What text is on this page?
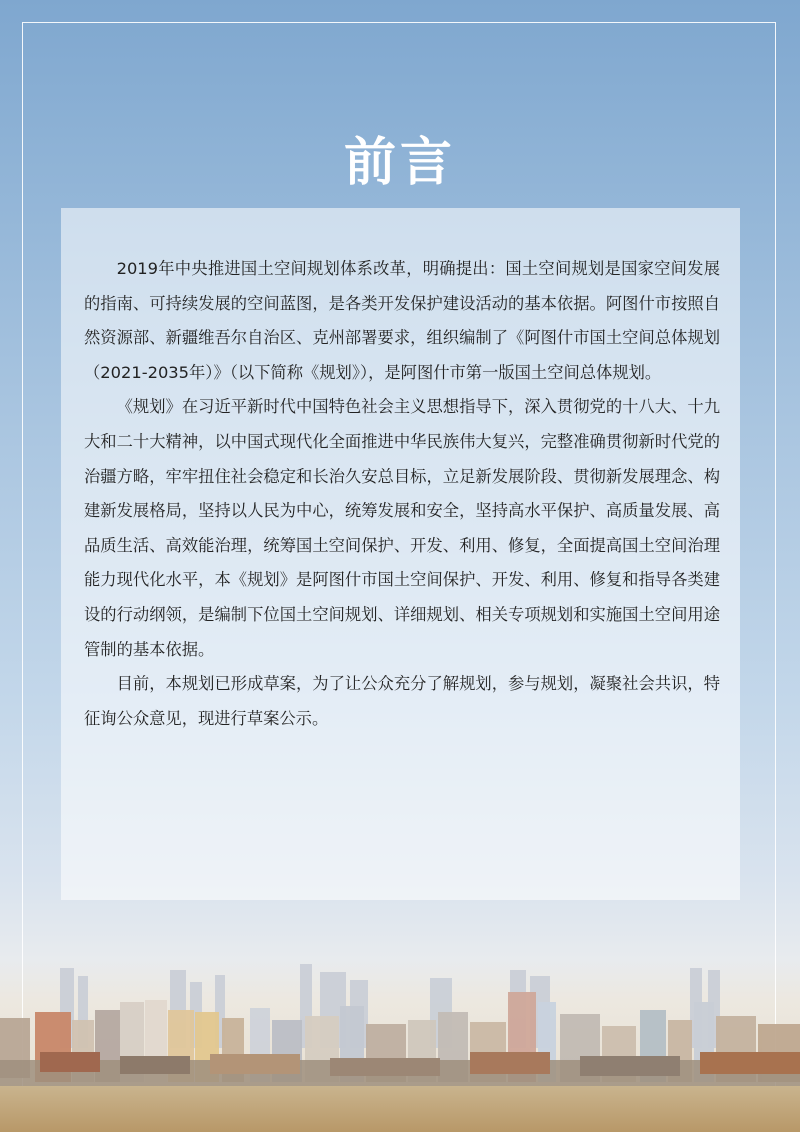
前言

2019年中央推进国土空间规划体系改革，明确提出：国土空间规划是国家空间发展的指南、可持续发展的空间蓝图，是各类开发保护建设活动的基本依据。阿图什市按照自然资源部、新疆维吾尔自治区、克州部署要求，组织编制了《阿图什市国土空间总体规划（2021-2035年）》（以下简称《规划》），是阿图什市第一版国土空间总体规划。

《规划》在习近平新时代中国特色社会主义思想指导下，深入贯彻党的十八大、十九大和二十大精神，以中国式现代化全面推进中华民族伟大复兴，完整准确贯彻新时代党的治疆方略，牢牢扭住社会稳定和长治久安总目标，立足新发展阶段、贯彻新发展理念、构建新发展格局，坚持以人民为中心，统筹发展和安全，坚持高水平保护、高质量发展、高品质生活、高效能治理，统筹国土空间保护、开发、利用、修复，全面提高国土空间治理能力现代化水平，本《规划》是阿图什市国土空间保护、开发、利用、修复和指导各类建设的行动纲领，是编制下位国土空间规划、详细规划、相关专项规划和实施国土空间用途管制的基本依据。

目前，本规划已形成草案，为了让公众充分了解规划，参与规划，凝聚社会共识，特征询公众意见，现进行草案公示。
